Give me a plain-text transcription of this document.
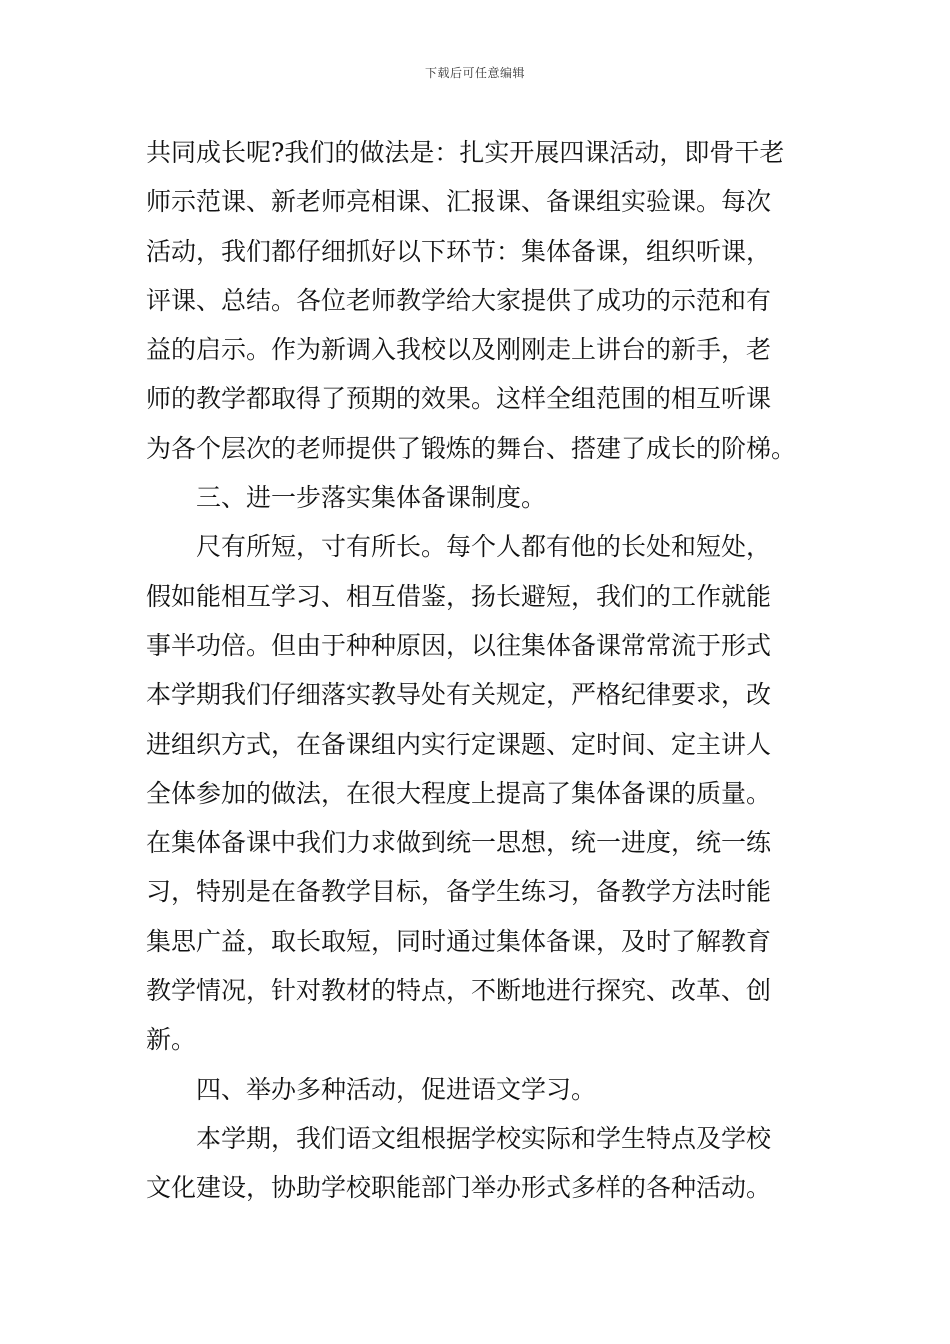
下载后可任意编辑
共同成长呢?我们的做法是：扎实开展四课活动，即骨干老
师示范课、新老师亮相课、汇报课、备课组实验课。每次
活动，我们都仔细抓好以下环节：集体备课，组织听课，
评课、总结。各位老师教学给大家提供了成功的示范和有
益的启示。作为新调入我校以及刚刚走上讲台的新手，老
师的教学都取得了预期的效果。这样全组范围的相互听课
为各个层次的老师提供了锻炼的舞台、搭建了成长的阶梯。
三、进一步落实集体备课制度。
尺有所短，寸有所长。每个人都有他的长处和短处，
假如能相互学习、相互借鉴，扬长避短，我们的工作就能
事半功倍。但由于种种原因，以往集体备课常常流于形式
本学期我们仔细落实教导处有关规定，严格纪律要求，改
进组织方式，在备课组内实行定课题、定时间、定主讲人
全体参加的做法，在很大程度上提高了集体备课的质量。
在集体备课中我们力求做到统一思想，统一进度，统一练
习，特别是在备教学目标，备学生练习，备教学方法时能
集思广益，取长取短，同时通过集体备课，及时了解教育
教学情况，针对教材的特点，不断地进行探究、改革、创
新。
四、举办多种活动，促进语文学习。
本学期，我们语文组根据学校实际和学生特点及学校
文化建设，协助学校职能部门举办形式多样的各种活动。
